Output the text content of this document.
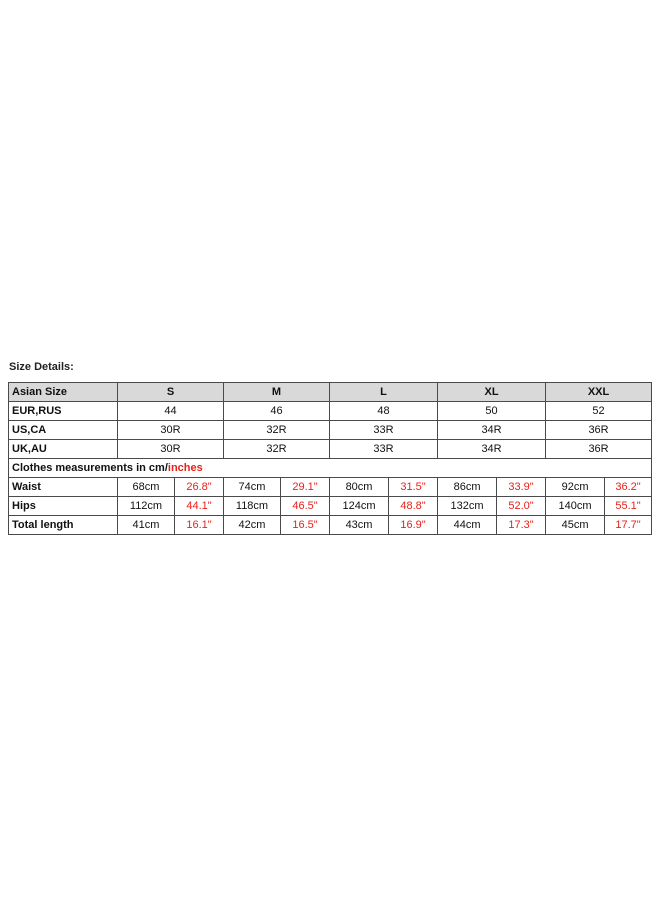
Size Details:
Asian Size	S		M		L		XL		XXL	
EUR,RUS	44		46		48		50		52	
US,CA	30R		32R		33R		34R		36R	
UK,AU	30R		32R		33R		34R		36R	
Clothes measurements in cm/inches										
Waist	68cm	26.8"	74cm	29.1"	80cm	31.5"	86cm	33.9"	92cm	36.2"
Hips	112cm	44.1"	118cm	46.5"	124cm	48.8"	132cm	52.0"	140cm	55.1"
Total length	41cm	16.1"	42cm	16.5"	43cm	16.9"	44cm	17.3"	45cm	17.7"
